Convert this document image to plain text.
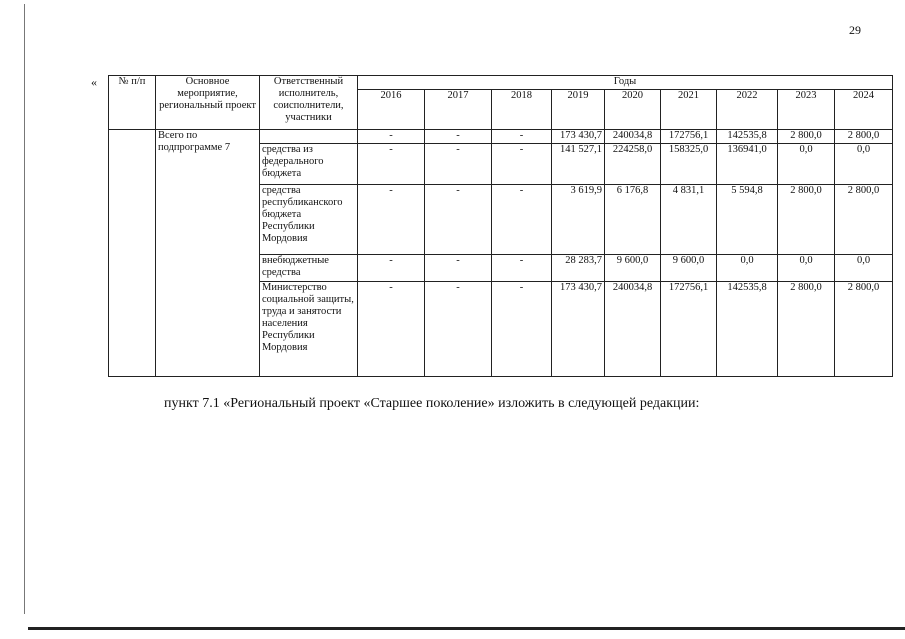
29
« № п/п	Основное мероприятие, региональный проект	Ответственный исполнитель, соисполнители, участники	Годы								
			2016	2017	2018	2019	2020	2021	2022	2023	2024
	Всего по подпрограмме 7		-	-	-	173 430,7	240034,8	172756,1	142535,8	2 800,0	2 800,0
		средства из федерального бюджета	-	-	-	141 527,1	224258,0	158325,0	136941,0	0,0	0,0
		средства республиканского бюджета Республики Мордовия	-	-	-	3 619,9	6 176,8	4 831,1	5 594,8	2 800,0	2 800,0
		внебюджетные средства	-	-	-	28 283,7	9 600,0	9 600,0	0,0	0,0	0,0
		Министерство социальной защиты, труда и занятости населения Республики Мордовия	-	-	-	173 430,7	240034,8	172756,1	142535,8	2 800,0	2 800,0
пункт 7.1 «Региональный проект «Старшее поколение» изложить в следующей редакции:
